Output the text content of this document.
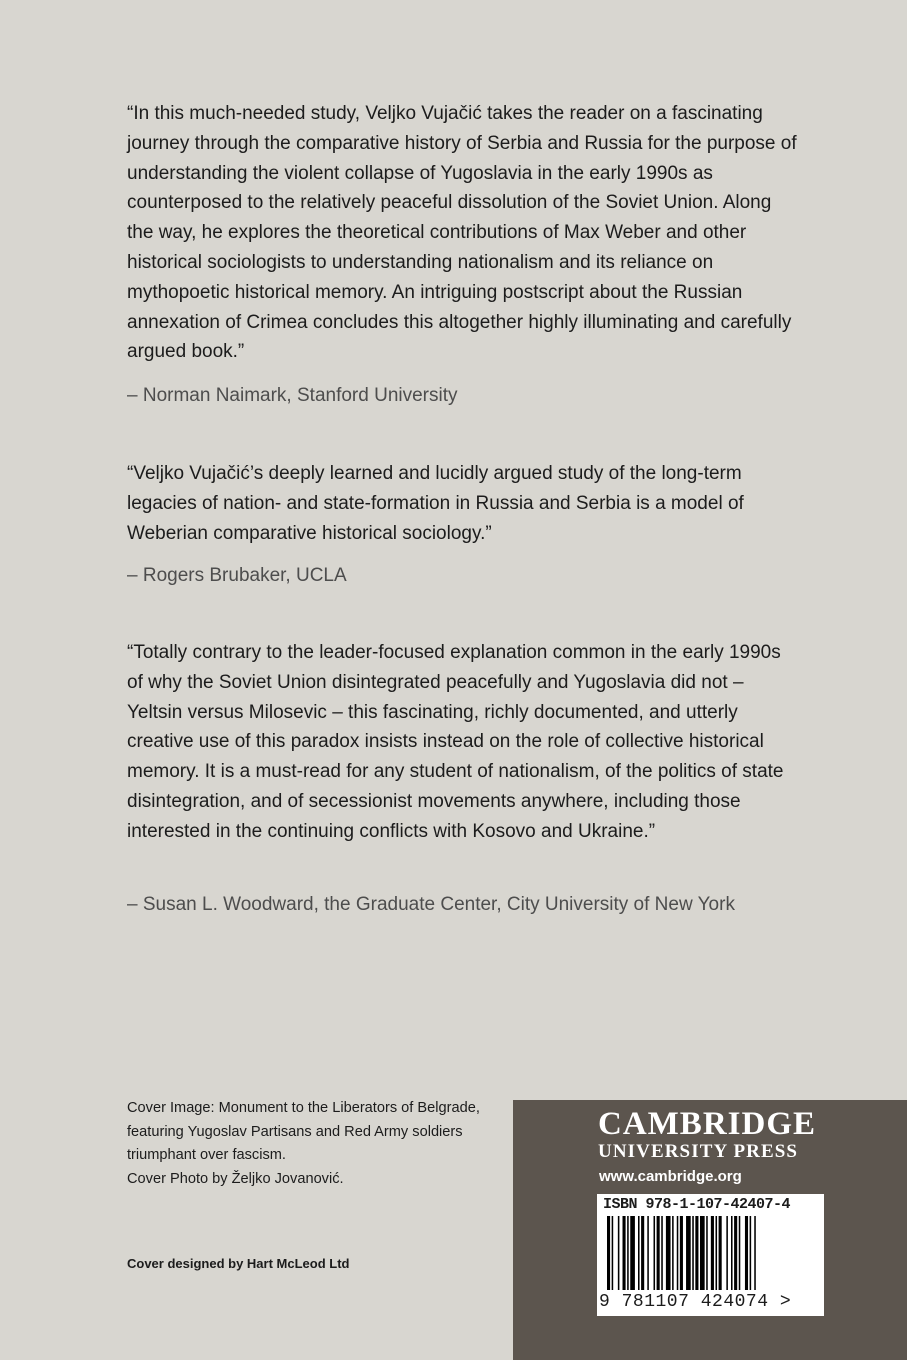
“In this much-needed study, Veljko Vujačić takes the reader on a fascinating journey through the comparative history of Serbia and Russia for the purpose of understanding the violent collapse of Yugoslavia in the early 1990s as counterposed to the relatively peaceful dissolution of the Soviet Union. Along the way, he explores the theoretical contributions of Max Weber and other historical sociologists to understanding nationalism and its reliance on mythopoetic historical memory. An intriguing postscript about the Russian annexation of Crimea concludes this altogether highly illuminating and carefully argued book.”
– Norman Naimark, Stanford University
“Veljko Vujačić’s deeply learned and lucidly argued study of the long-term legacies of nation- and state-formation in Russia and Serbia is a model of Weberian comparative historical sociology.”
– Rogers Brubaker, UCLA
“Totally contrary to the leader-focused explanation common in the early 1990s of why the Soviet Union disintegrated peacefully and Yugoslavia did not – Yeltsin versus Milosevic – this fascinating, richly documented, and utterly creative use of this paradox insists instead on the role of collective historical memory. It is a must-read for any student of nationalism, of the politics of state disintegration, and of secessionist movements anywhere, including those interested in the continuing conflicts with Kosovo and Ukraine.”
– Susan L. Woodward, the Graduate Center, City University of New York
Cover Image: Monument to the Liberators of Belgrade,
featuring Yugoslav Partisans and Red Army soldiers
triumphant over fascism.
Cover Photo by Željko Jovanović.
Cover designed by Hart McLeod Ltd
CAMBRIDGE
UNIVERSITY PRESS
www.cambridge.org
ISBN 978-1-107-42407-4
9 781107 424074 >
